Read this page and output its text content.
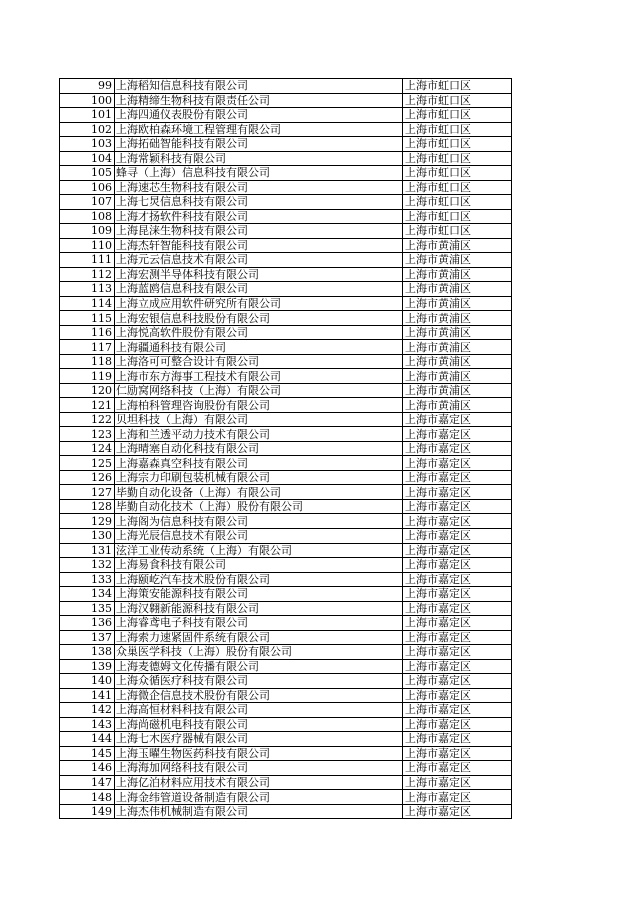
99	上海稻知信息科技有限公司	上海市虹口区
100	上海精缔生物科技有限责任公司	上海市虹口区
101	上海四通仪表股份有限公司	上海市虹口区
102	上海欧柏森环境工程管理有限公司	上海市虹口区
103	上海拓础智能科技有限公司	上海市虹口区
104	上海常颖科技有限公司	上海市虹口区
105	蜂寻（上海）信息科技有限公司	上海市虹口区
106	上海速芯生物科技有限公司	上海市虹口区
107	上海七炅信息科技有限公司	上海市虹口区
108	上海才扬软件科技有限公司	上海市虹口区
109	上海昆涞生物科技有限公司	上海市虹口区
110	上海杰轩智能科技有限公司	上海市黄浦区
111	上海元云信息技术有限公司	上海市黄浦区
112	上海宏测半导体科技有限公司	上海市黄浦区
113	上海蓝鸥信息科技有限公司	上海市黄浦区
114	上海立成应用软件研究所有限公司	上海市黄浦区
115	上海宏银信息科技股份有限公司	上海市黄浦区
116	上海悦高软件股份有限公司	上海市黄浦区
117	上海疆通科技有限公司	上海市黄浦区
118	上海洛可可整合设计有限公司	上海市黄浦区
119	上海市东方海事工程技术有限公司	上海市黄浦区
120	仁励窝网络科技（上海）有限公司	上海市黄浦区
121	上海柏科管理咨询股份有限公司	上海市黄浦区
122	贝坦科技（上海）有限公司	上海市嘉定区
123	上海和兰透平动力技术有限公司	上海市嘉定区
124	上海晴塞自动化科技有限公司	上海市嘉定区
125	上海嘉森真空科技有限公司	上海市嘉定区
126	上海宗力印刷包装机械有限公司	上海市嘉定区
127	毕勤自动化设备（上海）有限公司	上海市嘉定区
128	毕勤自动化技术（上海）股份有限公司	上海市嘉定区
129	上海阁为信息科技有限公司	上海市嘉定区
130	上海光辰信息技术有限公司	上海市嘉定区
131	泫洋工业传动系统（上海）有限公司	上海市嘉定区
132	上海易食科技有限公司	上海市嘉定区
133	上海颐屹汽车技术股份有限公司	上海市嘉定区
134	上海策安能源科技有限公司	上海市嘉定区
135	上海汉翱新能源科技有限公司	上海市嘉定区
136	上海睿鸢电子科技有限公司	上海市嘉定区
137	上海索力速紧固件系统有限公司	上海市嘉定区
138	众巢医学科技（上海）股份有限公司	上海市嘉定区
139	上海麦德姆文化传播有限公司	上海市嘉定区
140	上海众循医疗科技有限公司	上海市嘉定区
141	上海微企信息技术股份有限公司	上海市嘉定区
142	上海高恒材料科技有限公司	上海市嘉定区
143	上海尚磁机电科技有限公司	上海市嘉定区
144	上海七木医疗器械有限公司	上海市嘉定区
145	上海玉曜生物医药科技有限公司	上海市嘉定区
146	上海海加网络科技有限公司	上海市嘉定区
147	上海亿泊材料应用技术有限公司	上海市嘉定区
148	上海金纬管道设备制造有限公司	上海市嘉定区
149	上海杰伟机械制造有限公司	上海市嘉定区
